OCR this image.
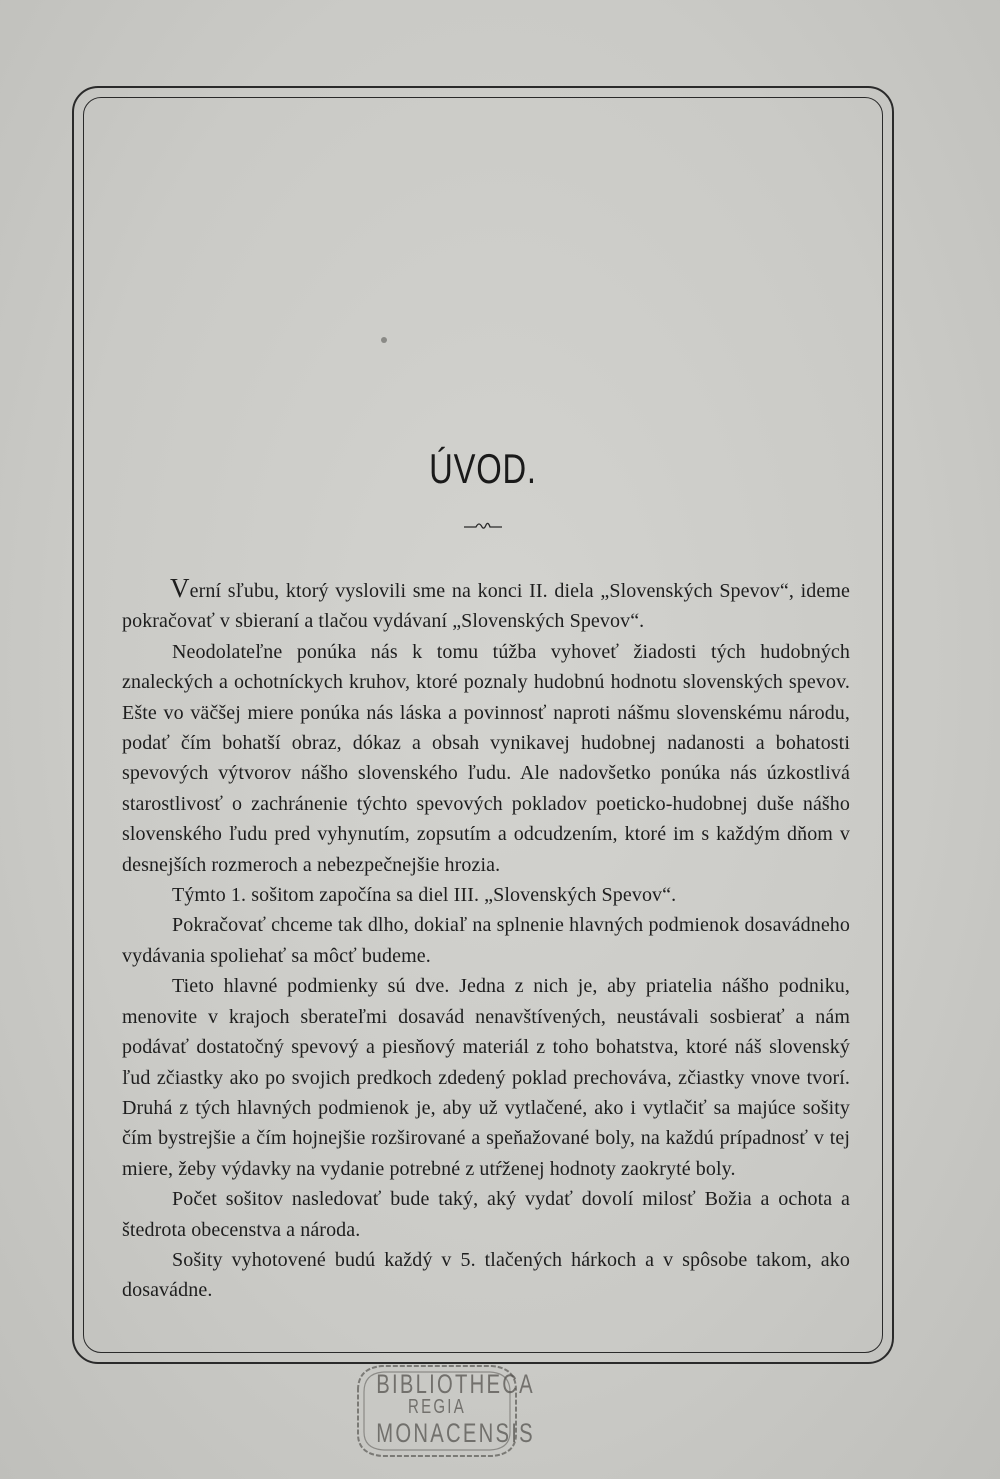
ÚVOD.

Verní sľubu, ktorý vyslovili sme na konci II. diela „Slovenských Spevov“, ideme pokračovať v sbieraní a tlačou vydávaní „Slovenských Spevov“.

Neodolateľne ponúka nás k tomu túžba vyhoveť žiadosti tých hudobných znaleckých a ochotníckych kruhov, ktoré poznaly hudobnú hodnotu slovenských spevov. Ešte vo väčšej miere ponúka nás láska a povinnosť naproti nášmu slovenskému národu, podať čím bohatší obraz, dókaz a obsah vynikavej hudobnej nadanosti a bohatosti spevových výtvorov nášho slovenského ľudu. Ale nadovšetko ponúka nás úzkostlivá starostlivosť o zachránenie týchto spevových pokladov poeticko-hudobnej duše nášho slovenského ľudu pred vyhynutím, zopsutím a odcudzením, ktoré im s každým dňom v desnejších rozmeroch a nebezpečnejšie hrozia.

Týmto 1. sošitom započína sa diel III. „Slovenských Spevov“.

Pokračovať chceme tak dlho, dokiaľ na splnenie hlavných podmienok dosavádneho vydávania spoliehať sa môcť budeme.

Tieto hlavné podmienky sú dve. Jedna z nich je, aby priatelia nášho podniku, menovite v krajoch sberateľmi dosavád nenavštívených, neustávali sosbierať a nám podávať dostatočný spevový a piesňový materiál z toho bohatstva, ktoré náš slovenský ľud zčiastky ako po svojich predkoch zdedený poklad prechováva, zčiastky vnove tvorí. Druhá z tých hlavných podmienok je, aby už vytlačené, ako i vytlačiť sa majúce sošity čím bystrejšie a čím hojnejšie rozširované a speňažované boly, na každú prípadnosť v tej miere, žeby výdavky na vydanie potrebné z utŕženej hodnoty zaokryté boly.

Počet sošitov nasledovať bude taký, aký vydať dovolí milosť Božia a ochota a štedrota obecenstva a národa.

Sošity vyhotovené budú každý v 5. tlačených hárkoch a v spôsobe takom, ako dosavádne.

BIBLIOTHECA
REGIA
MONACENSIS
